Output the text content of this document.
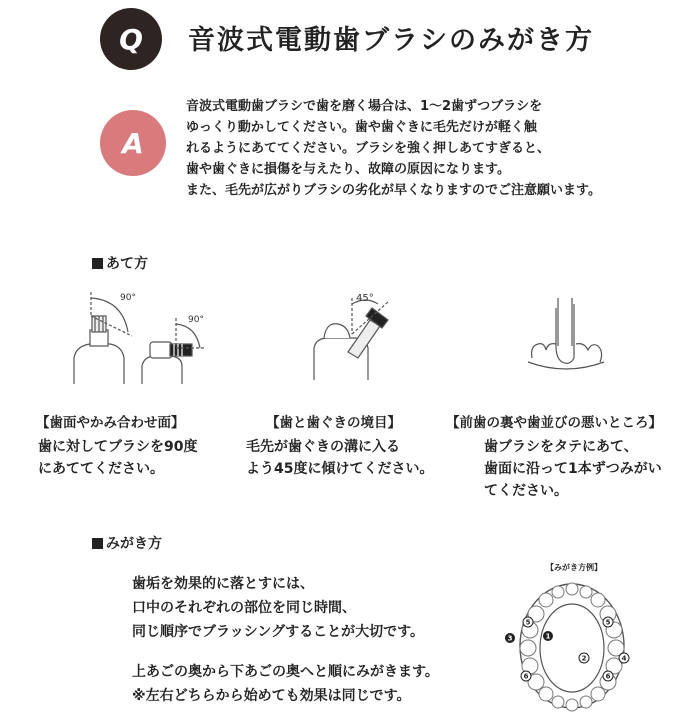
Q 音波式電動歯ブラシのみがき方
A

音波式電動歯ブラシで歯を磨く場合は、1〜2歯ずつブラシを

ゆっくり動かしてください。歯や歯ぐきに毛先だけが軽く触

れるようにあててください。ブラシを強く押しあてすぎると、

歯や歯ぐきに損傷を与えたり、故障の原因になります。

また、毛先が広がりブラシの劣化が早くなりますのでご注意願います。

あて方
90°
90°
45°
【歯面やかみ合わせ面】	【歯と歯ぐきの境目】	【前歯の裏や歯並びの悪いところ】

歯に対してブラシを90度

にあててください。

毛先が歯ぐきの溝に入る

よう45度に傾けてください。

歯ブラシをタテにあて、

歯面に沿って1本ずつみがい

てください。

みがき方

歯垢を効果的に落とすには、

口中のそれぞれの部位を同じ時間、

同じ順序でブラッシングすることが大切です。

上あごの奥から下あごの奥へと順にみがきます。

※左右どちらから始めても効果は同じです。

【みがき方例】
1
2
3
4
5	5
6	6
